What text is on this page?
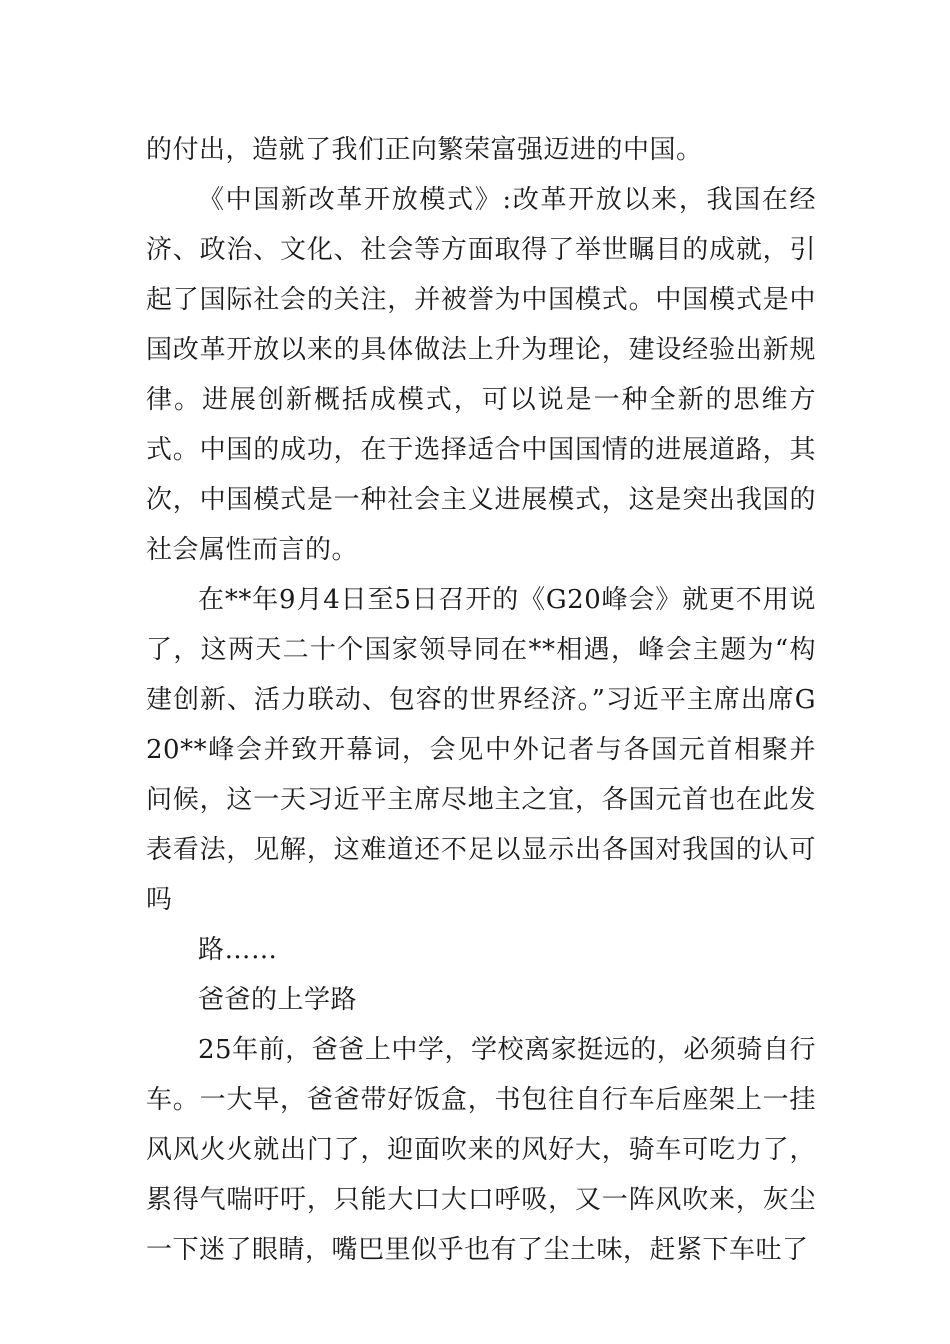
的付出，造就了我们正向繁荣富强迈进的中国。

《中国新改革开放模式》:改革开放以来，我国在经济、政治、文化、社会等方面取得了举世瞩目的成就，引起了国际社会的关注，并被誉为中国模式。中国模式是中国改革开放以来的具体做法上升为理论，建设经验出新规律。进展创新概括成模式，可以说是一种全新的思维方式。中国的成功，在于选择适合中国国情的进展道路，其次，中国模式是一种社会主义进展模式，这是突出我国的社会属性而言的。

在**年9月4日至5日召开的《G20峰会》就更不用说了，这两天二十个国家领导同在**相遇，峰会主题为“构建创新、活力联动、包容的世界经济。”习近平主席出席G20**峰会并致开幕词，会见中外记者与各国元首相聚并问候，这一天习近平主席尽地主之宜，各国元首也在此发表看法，见解，这难道还不足以显示出各国对我国的认可吗

路……

爸爸的上学路

25年前，爸爸上中学，学校离家挺远的，必须骑自行车。一大早，爸爸带好饭盒，书包往自行车后座架上一挂风风火火就出门了，迎面吹来的风好大，骑车可吃力了，累得气喘吁吁，只能大口大口呼吸，又一阵风吹来，灰尘一下迷了眼睛，嘴巴里似乎也有了尘土味，赶紧下车吐了
